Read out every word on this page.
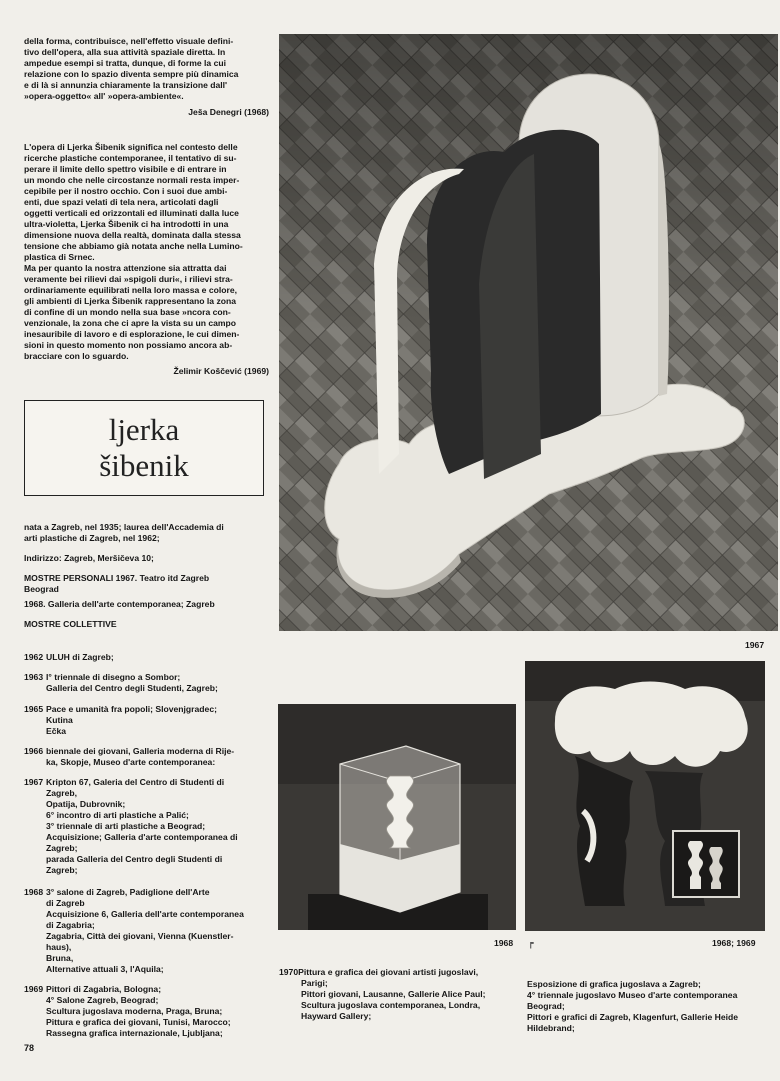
della forma, contribuisce, nell'effetto visuale defini-

tivo dell'opera, alla sua attività spaziale diretta. In

ampedue esempi si tratta, dunque, di forme la cui

relazione con lo spazio diventa sempre più dinamica

e di là si annunzia chiaramente la transizione dall'

»opera-oggetto« all' »opera-ambiente«.

Ješa Denegri (1968)

L'opera di Ljerka Šibenik significa nel contesto delle

ricerche plastiche contemporanee, il tentativo di su-

perare il limite dello spettro visibile e di entrare in

un mondo che nelle circostanze normali resta imper-

cepibile per il nostro occhio. Con i suoi due ambi-

enti, due spazi velati di tela nera, articolati dagli

oggetti verticali ed orizzontali ed illuminati dalla luce

ultra-violetta, Ljerka Šibenik ci ha introdotti in una

dimensione nuova della realtà, dominata dalla stessa

tensione che abbiamo già notata anche nella Lumino-

plastica di Srnec.

Ma per quanto la nostra attenzione sia attratta dai

veramente bei rilievi dai »spigoli duri«, i rilievi stra-

ordinariamente equilibrati nella loro massa e colore,

gli ambienti di Ljerka Šibenik rappresentano la zona

di confine di un mondo nella sua base »ncora con-

venzionale, la zona che ci apre la vista su un campo

inesauribile di lavoro e di esplorazione, le cui dimen-

sioni in questo momento non possiamo ancora ab-

bracciare con lo sguardo.

Želimir Koščević (1969)

ljerka
šibenik

nata a Zagreb, nel 1935; laurea dell'Accademia di

arti plastiche di Zagreb, nel 1962;

Indirizzo: Zagreb, Meršičeva 10;

MOSTRE PERSONALI 1967. Teatro itd Zagreb

Beograd

1968. Galleria dell'arte contemporanea; Zagreb

MOSTRE COLLETTIVE

1962 ULUH di Zagreb;

1963 I° triennale di disegno a Sombor;

Galleria del Centro degli Studenti, Zagreb;

1965 Pace e umanità fra popoli; Slovenjgradec;

Kutina

Ečka

1966 biennale dei giovani, Galleria moderna di Rije-

ka, Skopje, Museo d'arte contemporanea:

1967 Kripton 67, Galeria del Centro di Studenti di

Zagreb,

Opatija, Dubrovnik;

6° incontro di arti plastiche a Palić;

3° triennale di arti plastiche a Beograd;

Acquisizione; Galleria d'arte contemporanea di

Zagreb;

parada Galleria del Centro degli Studenti di

Zagreb;

1968 3° salone di Zagreb, Padiglione dell'Arte

di Zagreb

Acquisizione 6, Galleria dell'arte contemporanea

di Zagabria;

Zagabria, Città dei giovani, Vienna (Kuenstler-

haus),

Bruna,

Alternative attuali 3, l'Aquila;

1969 Pittori di Zagabria, Bologna;

4° Salone Zagreb, Beograd;

Scultura jugoslava moderna, Praga, Bruna;

Pittura e grafica dei giovani, Tunisi, Marocco;

Rassegna grafica internazionale, Ljubljana;

1967
1968 ┍	1968; 1969

1970Pittura e grafica dei giovani artisti jugoslavi,

Parigi;

Pittori giovani, Lausanne, Gallerie Alice Paul;

Scultura jugoslava contemporanea, Londra,

Hayward Gallery;

Esposizione di grafica jugoslava a Zagreb;

4° triennale jugoslavo Museo d'arte contemporanea

Beograd;

Pittori e grafici di Zagreb, Klagenfurt, Gallerie Heide

Hildebrand;

78
